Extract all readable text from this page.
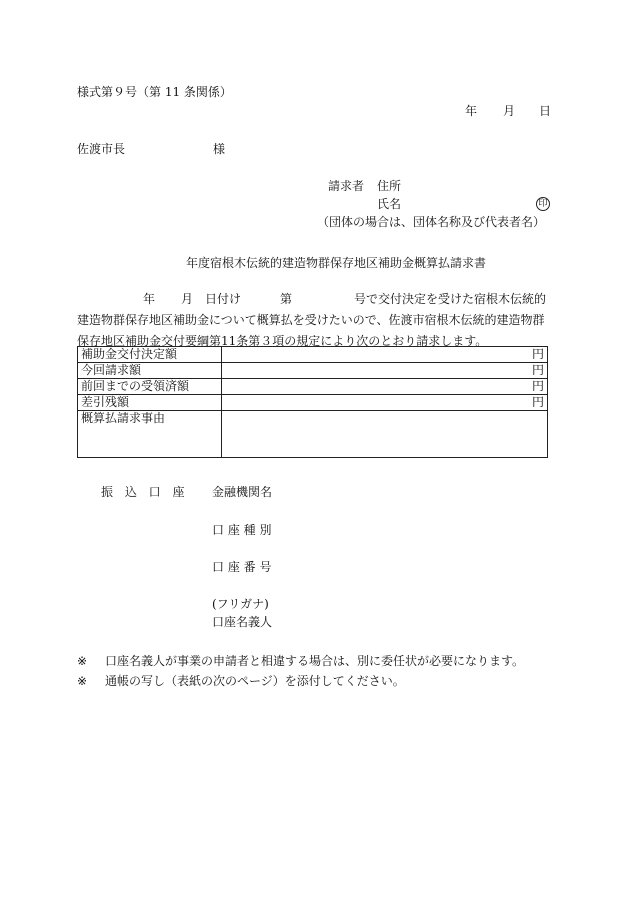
様式第９号（第 11 条関係）
年 月 日
佐渡市長	様
請求者 住所
氏名	印
（団体の場合は、団体名称及び代表者名）
年度宿根木伝統的建造物群保存地区補助金概算払請求書
年 月 日付け	第	号で交付決定を受けた宿根木伝統的
建造物群保存地区補助金について概算払を受けたいので、佐渡市宿根木伝統的建造物群
保存地区補助金交付要綱第11条第３項の規定により次のとおり請求します。
補助金交付決定額	円
今回請求額	円
前回までの受領済額	円
差引残額	円
概算払請求事由	
振 込 口 座 金融機関名
口 座 種 別
口 座 番 号
(フリガナ)
口座名義人
※ 口座名義人が事業の申請者と相違する場合は、別に委任状が必要になります。
※ 通帳の写し（表紙の次のページ）を添付してください。
